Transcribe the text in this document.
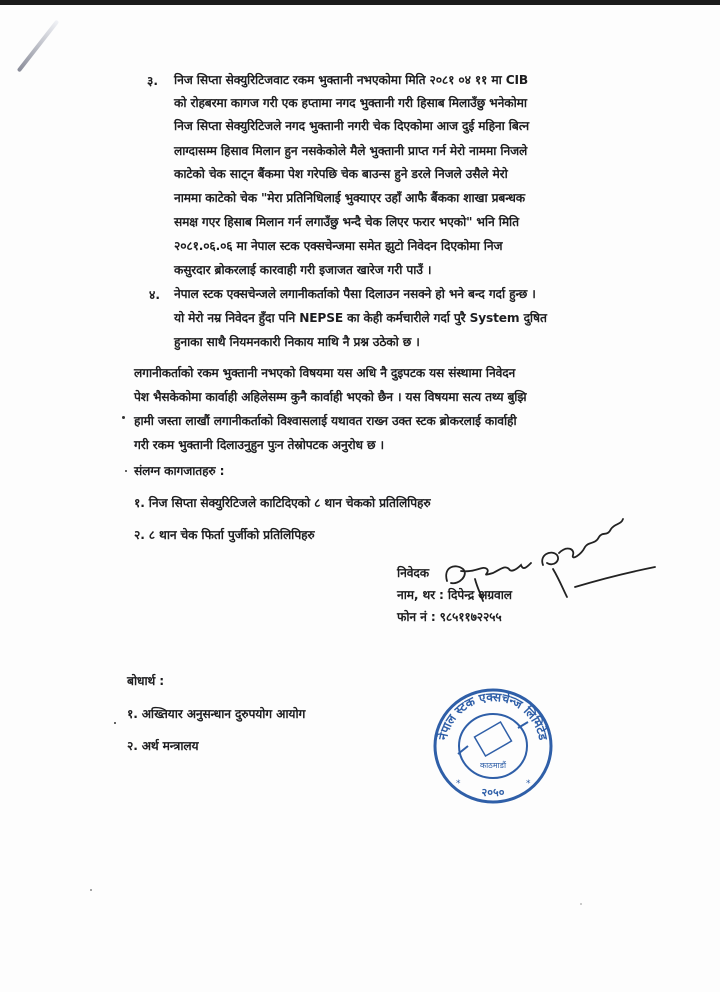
३. निज सिप्ता सेक्युरिटिजवाट रकम भुक्तानी नभएकोमा मिति २०८१ ०४ ११ मा CIB
को रोहबरमा कागज गरी एक हप्तामा नगद भुक्तानी गरी हिसाब मिलाउँछु भनेकोमा
निज सिप्ता सेक्युरिटिजले नगद भुक्तानी नगरी चेक दिएकोमा आज दुई महिना बित्न
लाग्दासम्म हिसाव मिलान हुन नसकेकोले मैले भुक्तानी प्राप्त गर्न मेरो नाममा निजले
काटेको चेक साट्न बैंकमा पेश गरेपछि चेक बाउन्स हुने डरले निजले उसैले मेरो
नाममा काटेको चेक "मेरा प्रतिनिधिलाई भुक्याएर उहाँ आफै बैंकका शाखा प्रबन्धक
समक्ष गएर हिसाब मिलान गर्न लगाउँछु भन्दै चेक लिएर फरार भएको" भनि मिति
२०८१.०६.०६ मा नेपाल स्टक एक्सचेन्जमा समेत झुटो निवेदन दिएकोमा निज
कसुरदार ब्रोकरलाई कारवाही गरी इजाजत खारेज गरी पाउँ ।
४. नेपाल स्टक एक्सचेन्जले लगानीकर्ताको पैसा दिलाउन नसक्ने हो भने बन्द गर्दा हुन्छ ।
यो मेरो नम्र निवेदन हुँदा पनि NEPSE का केही कर्मचारीले गर्दा पुरै System दुषित
हुनाका साथै नियमनकारी निकाय माथि नै प्रश्न उठेको छ ।
लगानीकर्ताको रकम भुक्तानी नभएको विषयमा यस अधि नै दुइपटक यस संस्थामा निवेदन
पेश भैसकेकोमा कार्वाही अहिलेसम्म कुनै कार्वाही भएको छैन । यस विषयमा सत्य तथ्य बुझि
हामी जस्ता लाखौं लगानीकर्ताको विश्वासलाई यथावत राख्न उक्त स्टक ब्रोकरलाई कार्वाही
गरी रकम भुक्तानी दिलाउनुहुन पुःन तेस्रोपटक अनुरोध छ ।
संलग्न कागजातहरु :
१. निज सिप्ता सेक्युरिटिजले काटिदिएको ८ थान चेकको प्रतिलिपिहरु
२. ८ थान चेक फिर्ता पुर्जीको प्रतिलिपिहरु
निवेदक
नाम, थर : दिपेन्द्र अग्रवाल
फोन नं : ९८५११७२२५५
बोधार्थ :
१. अख्तियार अनुसन्धान दुरुपयोग आयोग
२. अर्थ मन्त्रालय
नेपाल स्टक एक्सचेन्ज लिमिटेड
काठमाडौं
२०५०
*	*
